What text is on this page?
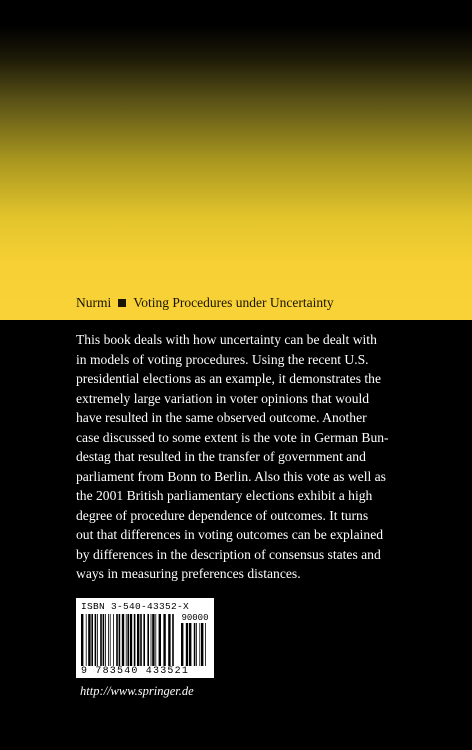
Nurmi Voting Procedures under Uncertainty
This book deals with how uncertainty can be dealt with
in models of voting procedures. Using the recent U.S.
presidential elections as an example, it demonstrates the
extremely large variation in voter opinions that would
have resulted in the same observed outcome. Another
case discussed to some extent is the vote in German Bun-
destag that resulted in the transfer of government and
parliament from Bonn to Berlin. Also this vote as well as
the 2001 British parliamentary elections exhibit a high
degree of procedure dependence of outcomes. It turns
out that differences in voting outcomes can be explained
by differences in the description of consensus states and
ways in measuring preferences distances.
ISBN 3-540-43352-X
90000
9 783540 433521
http://www.springer.de
